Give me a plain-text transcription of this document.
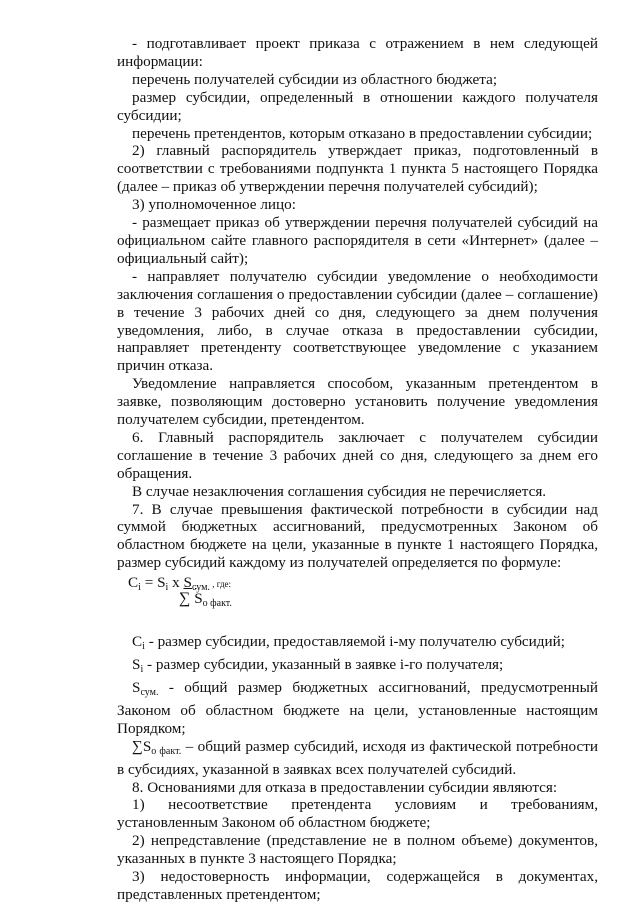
- подготавливает проект приказа с отражением в нем следующей информации:

перечень получателей субсидии из областного бюджета;

размер субсидии, определенный в отношении каждого получателя субсидии;

перечень претендентов, которым отказано в предоставлении субсидии;

2) главный распорядитель утверждает приказ, подготовленный в соответствии с требованиями подпункта 1 пункта 5 настоящего Порядка (далее – приказ об утверждении перечня получателей субсидий);

3) уполномоченное лицо:

- размещает приказ об утверждении перечня получателей субсидий на официальном сайте главного распорядителя в сети «Интернет» (далее – официальный сайт);

- направляет получателю субсидии уведомление о необходимости заключения соглашения о предоставлении субсидии (далее – соглашение) в течение 3 рабочих дней со дня, следующего за днем получения уведомления, либо, в случае отказа в предоставлении субсидии, направляет претенденту соответствующее уведомление с указанием причин отказа.

Уведомление направляется способом, указанным претендентом в заявке, позволяющим достоверно установить получение уведомления получателем субсидии, претендентом.

6. Главный распорядитель заключает с получателем субсидии соглашение в течение 3 рабочих дней со дня, следующего за днем его обращения.

В случае незаключения соглашения субсидия не перечисляется.

7. В случае превышения фактической потребности в субсидии над суммой бюджетных ассигнований, предусмотренных Законом об областном бюджете на цели, указанные в пункте 1 настоящего Порядка, размер субсидий каждому из получателей определяется по формуле:

$C_i = S_i$ x $S_{сум.}$ , где:
∑ $S_{о факт.}$

$C_i$ - размер субсидии, предоставляемой i-му получателю субсидий;

$S_i$ - размер субсидии, указанный в заявке i-го получателя;

$S_{сум.}$ - общий размер бюджетных ассигнований, предусмотренный Законом об областном бюджете на цели, установленные настоящим Порядком;

$\sum S_{о факт.}$ – общий размер субсидий, исходя из фактической потребности в субсидиях, указанной в заявках всех получателей субсидий.

8. Основаниями для отказа в предоставлении субсидии являются:

1) несоответствие претендента условиям и требованиям, установленным Законом об областном бюджете;

2) непредставление (представление не в полном объеме) документов, указанных в пункте 3 настоящего Порядка;

3) недостоверность информации, содержащейся в документах, представленных претендентом;
